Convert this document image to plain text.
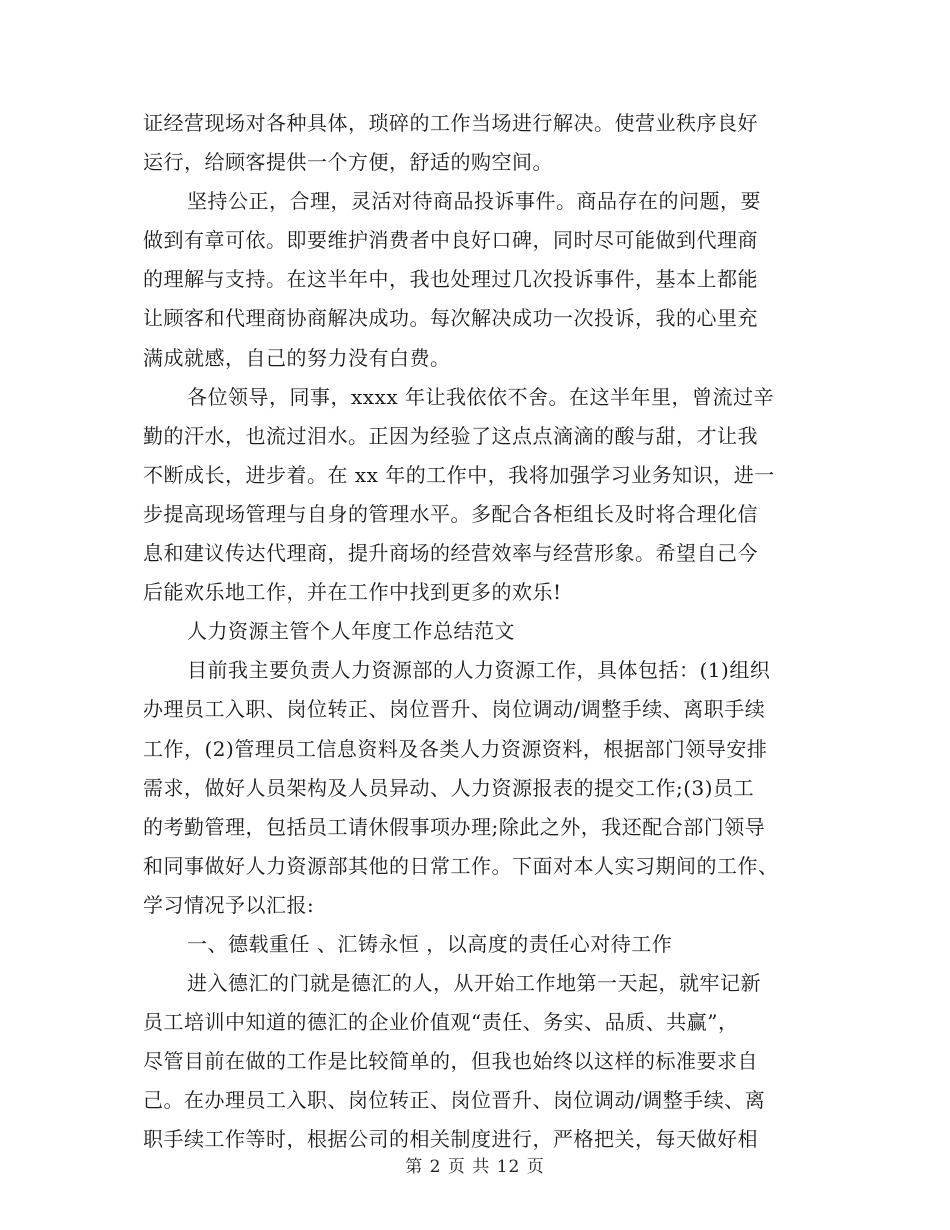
证经营现场对各种具体，琐碎的工作当场进行解决。使营业秩序良好
运行，给顾客提供一个方便，舒适的购空间。
坚持公正，合理，灵活对待商品投诉事件。商品存在的问题，要
做到有章可依。即要维护消费者中良好口碑，同时尽可能做到代理商
的理解与支持。在这半年中，我也处理过几次投诉事件，基本上都能
让顾客和代理商协商解决成功。每次解决成功一次投诉，我的心里充
满成就感，自己的努力没有白费。
各位领导，同事，xxxx 年让我依依不舍。在这半年里，曾流过辛
勤的汗水，也流过泪水。正因为经验了这点点滴滴的酸与甜，才让我
不断成长，进步着。在 xx 年的工作中，我将加强学习业务知识，进一
步提高现场管理与自身的管理水平。多配合各柜组长及时将合理化信
息和建议传达代理商，提升商场的经营效率与经营形象。希望自己今
后能欢乐地工作，并在工作中找到更多的欢乐!
人力资源主管个人年度工作总结范文
目前我主要负责人力资源部的人力资源工作，具体包括：(1)组织
办理员工入职、岗位转正、岗位晋升、岗位调动/调整手续、离职手续
工作，(2)管理员工信息资料及各类人力资源资料，根据部门领导安排
需求，做好人员架构及人员异动、人力资源报表的提交工作;(3)员工
的考勤管理，包括员工请休假事项办理;除此之外，我还配合部门领导
和同事做好人力资源部其他的日常工作。下面对本人实习期间的工作、
学习情况予以汇报:
一、德载重任 、汇铸永恒 ，以高度的责任心对待工作
进入德汇的门就是德汇的人，从开始工作地第一天起，就牢记新
员工培训中知道的德汇的企业价值观“责任、务实、品质、共赢”，
尽管目前在做的工作是比较简单的，但我也始终以这样的标准要求自
己。在办理员工入职、岗位转正、岗位晋升、岗位调动/调整手续、离
职手续工作等时，根据公司的相关制度进行，严格把关，每天做好相
第 2 页 共 12 页
